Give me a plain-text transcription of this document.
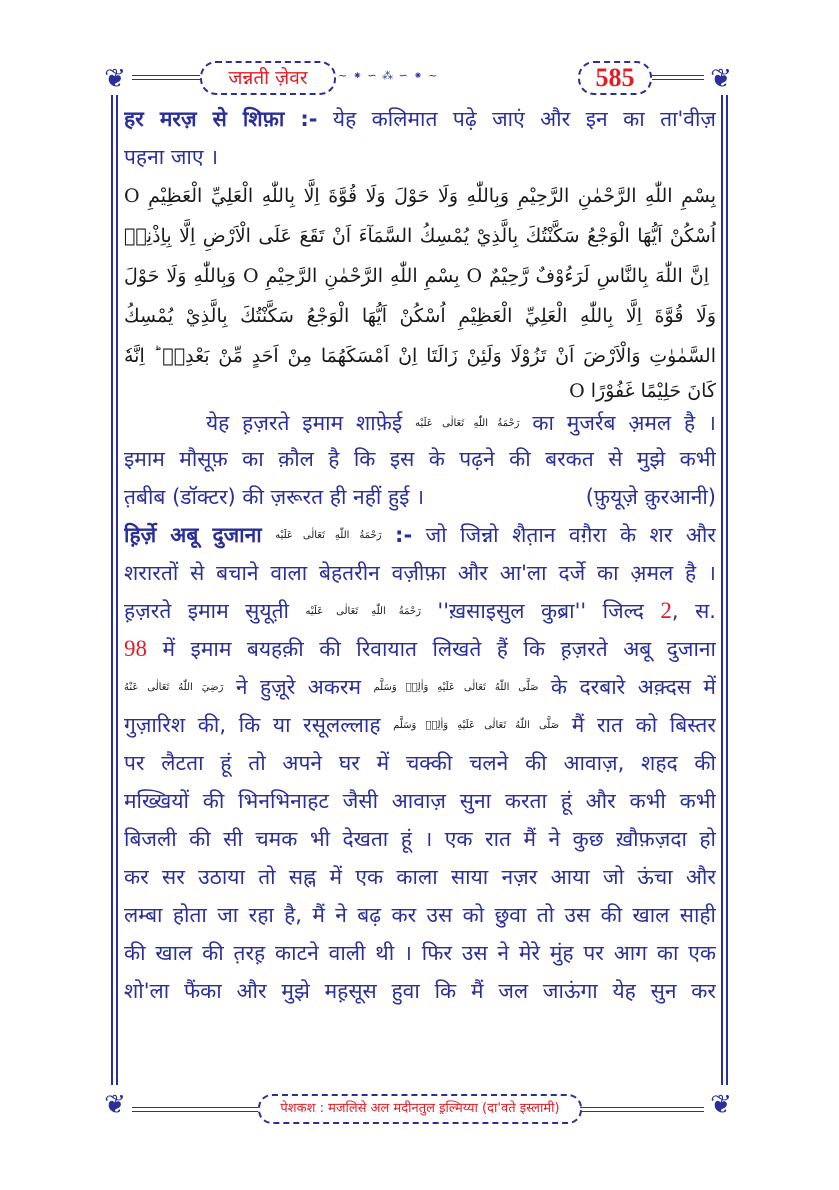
❦	जन्नती ज़ेवर	~ ⁕ ∽ ⁂ ∽ ⁕ ~	585	❦
हर मरज़ से शिफ़ा :- येह कलिमात पढ़े जाएं और इन का ता'वीज़
पहना जाए ।
بِسْمِ اللّٰهِ الرَّحْمٰنِ الرَّحِيْمِ وَبِاللّٰهِ وَلَا حَوْلَ وَلَا قُوَّةَ اِلَّا بِاللّٰهِ الْعَلِيِّ الْعَظِيْمِ O
اُسْكُنْ اَيُّهَا الْوَجْعُ سَكَّنْتُكَ بِالَّذِيْ يُمْسِكُ السَّمَآءَ اَنْ تَقَعَ عَلَى الْاَرْضِ اِلَّا بِاِذْنِهٖ
ؕ اِنَّ اللّٰهَ بِالنَّاسِ لَرَءُوْفٌ رَّحِيْمٌ O بِسْمِ اللّٰهِ الرَّحْمٰنِ الرَّحِيْمِ O وَبِاللّٰهِ وَلَا حَوْلَ
وَلَا قُوَّةَ اِلَّا بِاللّٰهِ الْعَلِيِّ الْعَظِيْمِ اُسْكُنْ اَيُّهَا الْوَجْعُ سَكَّنْتُكَ بِالَّذِيْ يُمْسِكُ
السَّمٰوٰتِ وَالْاَرْضَ اَنْ تَزُوْلَا وَلَئِنْ زَالَتَا اِنْ اَمْسَكَهُمَا مِنْ اَحَدٍ مِّنْ بَعْدِهٖ ؕ اِنَّهٗ
كَانَ حَلِيْمًا غَفُوْرًا O
येह ह़ज़रते इमाम शाफ़ेई رَحْمَةُ اللّٰهِ تَعَالٰى عَلَيْه का मुजर्रब अ़मल है ।
इमाम मौसूफ़ का क़ौल है कि इस के पढ़ने की बरकत से मुझे कभी
त़बीब (डॉक्टर) की ज़रूरत ही नहीं हुई ।	(फ़ुयूज़े क़ुरआनी)
ह़िर्ज़े अबू दुजाना رَحْمَةُ اللّٰهِ تَعَالٰى عَلَيْه :- जो जिन्नो शैत़ान वग़ैरा के शर और
शरारतों से बचाने वाला बेहतरीन वज़ीफ़ा और आ'ला दर्जे का अ़मल है ।
ह़ज़रते इमाम सुयूत़ी رَحْمَةُ اللّٰهِ تَعَالٰى عَلَيْه ''ख़साइसुल कुब्रा'' जिल्द 2, स.
98 में इमाम बयहक़ी की रिवायात लिखते हैं कि ह़ज़रते अबू दुजाना
رَضِيَ اللّٰهُ تَعَالٰى عَنْهُ ने हुज़ूरे अकरम صَلَّى اللّٰهُ تَعَالٰى عَلَيْهِ وَاٰلِهٖ وَسَلَّم के दरबारे अक़्दस में
गुज़ारिश की, कि या रसूलल्लाह صَلَّى اللّٰهُ تَعَالٰى عَلَيْهِ وَاٰلِهٖ وَسَلَّم मैं रात को बिस्तर
पर लैटता हूं तो अपने घर में चक्की चलने की आवाज़, शहद की
मख्खियों की भिनभिनाहट जैसी आवाज़ सुना करता हूं और कभी कभी
बिजली की सी चमक भी देखता हूं । एक रात मैं ने कुछ ख़ौफ़ज़दा हो
कर सर उठाया तो सह्न में एक काला साया नज़र आया जो ऊंचा और
लम्बा होता जा रहा है, मैं ने बढ़ कर उस को छुवा तो उस की खाल साही
की खाल की त़रह़ काटने वाली थी । फिर उस ने मेरे मुंह पर आग का एक
शो'ला फैंका और मुझे मह़सूस हुवा कि मैं जल जाऊंगा येह सुन कर
❦	पेशकश : मजलिसे अल मदीनतुल इ़ल्मिय्या (दा'वते इस्लामी)	❦
